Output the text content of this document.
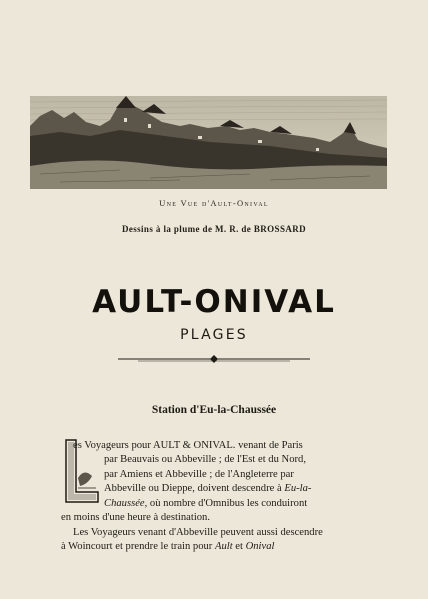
Une Vue d'Ault-Onival
Dessins à la plume de M. R. de BROSSARD
AULT-ONIVAL
PLAGES
Station d'Eu-la-Chaussée
es Voyageurs pour AULT & ONIVAL. venant de Paris
par Beauvais ou Abbeville ; de l'Est et du Nord,
par Amiens et Abbeville ; de l'Angleterre par
Abbeville ou Dieppe, doivent descendre à Eu-la-
Chaussée, où nombre d'Omnibus les conduiront
en moins d'une heure à destination.
Les Voyageurs venant d'Abbeville peuvent aussi descendre
à Woincourt et prendre le train pour Ault et Onival
